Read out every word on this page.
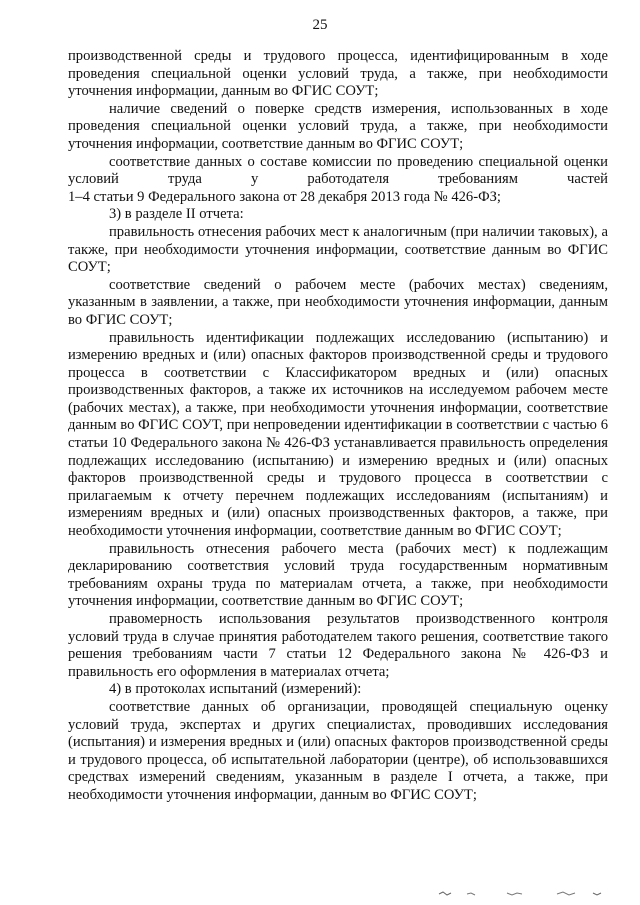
25

производственной среды и трудового процесса, идентифицированным в ходе проведения специальной оценки условий труда, а также, при необходимости уточнения информации, данным во ФГИС СОУТ;

наличие сведений о поверке средств измерения, использованных в ходе проведения специальной оценки условий труда, а также, при необходимости уточнения информации, соответствие данным во ФГИС СОУТ;

соответствие данных о составе комиссии по проведению специальной оценки условий труда у работодателя требованиям частей

1–4 статьи 9 Федерального закона от 28 декабря 2013 года № 426-ФЗ;

3) в разделе II отчета:

правильность отнесения рабочих мест к аналогичным (при наличии таковых), а также, при необходимости уточнения информации, соответствие данным во ФГИС СОУТ;

соответствие сведений о рабочем месте (рабочих местах) сведениям, указанным в заявлении, а также, при необходимости уточнения информации, данным во ФГИС СОУТ;

правильность идентификации подлежащих исследованию (испытанию) и измерению вредных и (или) опасных факторов производственной среды и трудового процесса в соответствии с Классификатором вредных и (или) опасных производственных факторов, а также их источников на исследуемом рабочем месте (рабочих местах), а также, при необходимости уточнения информации, соответствие данным во ФГИС СОУТ, при непроведении идентификации в соответствии с частью 6 статьи 10 Федерального закона № 426-ФЗ устанавливается правильность определения подлежащих исследованию (испытанию) и измерению вредных и (или) опасных факторов производственной среды и трудового процесса в соответствии с прилагаемым к отчету перечнем подлежащих исследованиям (испытаниям) и измерениям вредных и (или) опасных производственных факторов, а также, при необходимости уточнения информации, соответствие данным во ФГИС СОУТ;

правильность отнесения рабочего места (рабочих мест) к подлежащим декларированию соответствия условий труда государственным нормативным требованиям охраны труда по материалам отчета, а также, при необходимости уточнения информации, соответствие данным во ФГИС СОУТ;

правомерность использования результатов производственного контроля условий труда в случае принятия работодателем такого решения, соответствие такого решения требованиям части 7 статьи 12 Федерального закона № 426-ФЗ и правильность его оформления в материалах отчета;

4) в протоколах испытаний (измерений):

соответствие данных об организации, проводящей специальную оценку условий труда, экспертах и других специалистах, проводивших исследования (испытания) и измерения вредных и (или) опасных факторов производственной среды и трудового процесса, об испытательной лаборатории (центре), об использовавшихся средствах измерений сведениям, указанным в разделе I отчета, а также, при необходимости уточнения информации, данным во ФГИС СОУТ;
